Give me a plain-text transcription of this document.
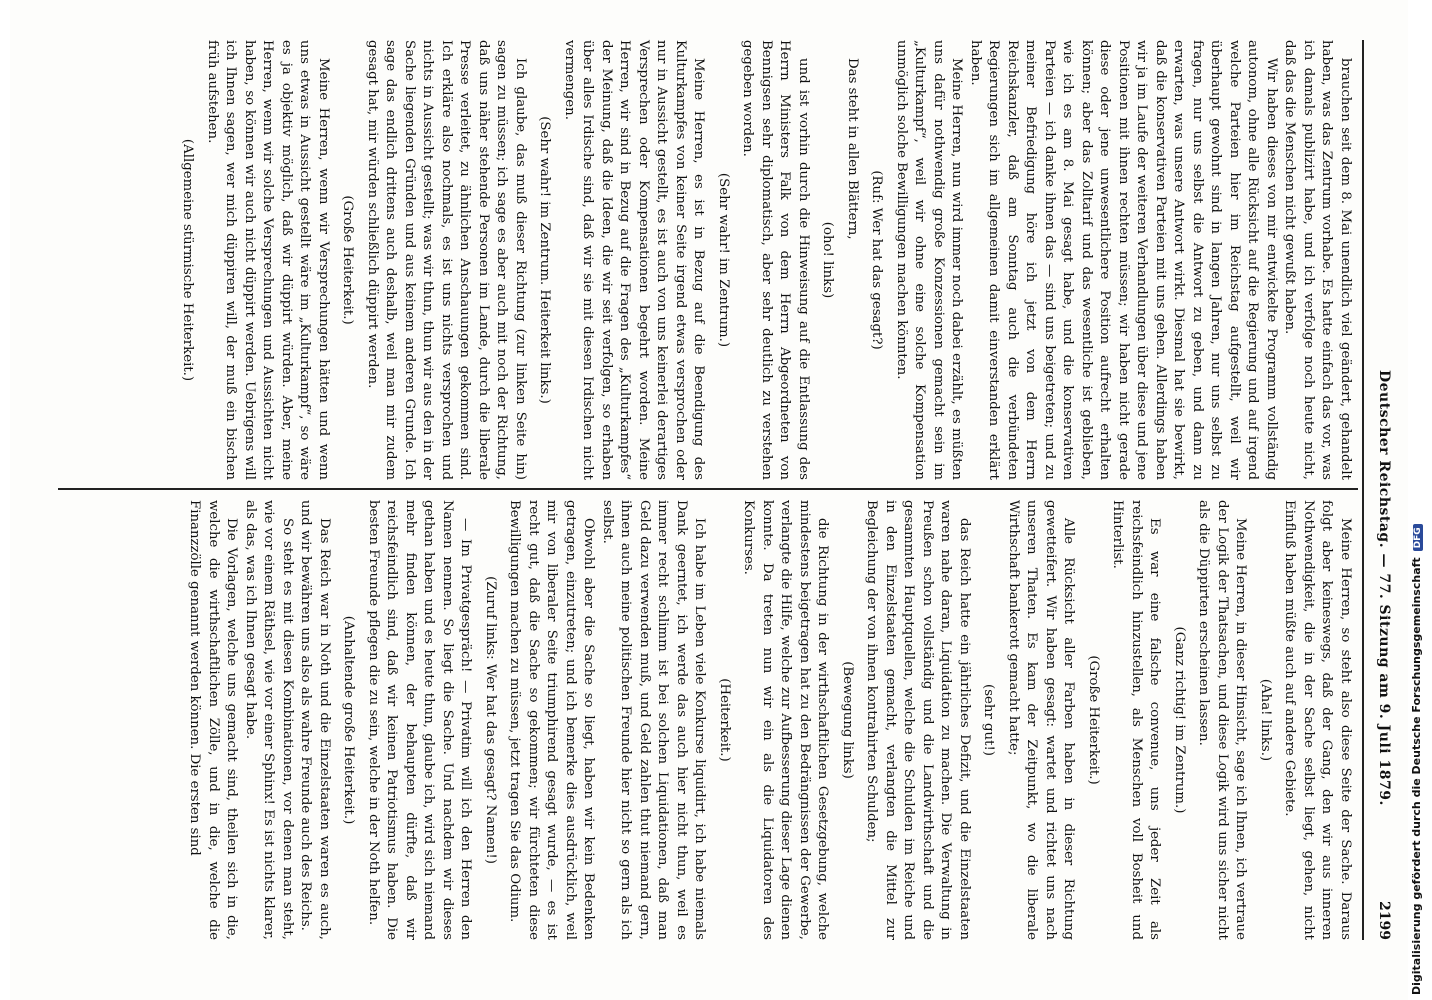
Deutscher Reichstag. — 77. Sitzung am 9. Juli 1879.
2199

brauchen seit dem 8. Mai unendlich viel geändert, gehandelt haben, was das Zentrum vorhabe. Es hatte einfach das vor, was ich damals publizirt habe, und ich verfolge noch heute nicht, daß das die Menschen nicht gewußt haben.

Wir haben dieses von mir entwickelte Programm vollständig autonom, ohne alle Rücksicht auf die Regierung und auf irgend welche Parteien hier im Reichstag aufgestellt, weil wir überhaupt gewohnt sind in langen Jahren, nur uns selbst zu fragen, nur uns selbst die Antwort zu geben, und dann zu erwarten, was unsere Antwort wirkt. Diesmal hat sie bewirkt, daß die konservativen Parteien mit uns gehen. Allerdings haben wir ja im Laufe der weiteren Verhandlungen über diese und jene Positionen mit ihnen rechten müssen; wir haben nicht gerade diese oder jene unwesentlichere Position aufrecht erhalten können; aber das Zolltarif und das wesentliche ist geblieben, wie ich es am 8. Mai gesagt habe, und die konservativen Parteien — ich danke ihnen das — sind uns beigetreten; und zu meiner Befriedigung höre ich jetzt von dem Herrn Reichskanzler, daß am Sonntag auch die verbündeten Regierungen sich im allgemeinen damit einverstanden erklärt haben.

Meine Herren, nun wird immer noch dabei erzählt, es müßten uns dafür nothwendig große Konzessionen gemacht sein im „Kulturkampf“, weil wir ohne eine solche Kompensation unmöglich solche Bewilligungen machen könnten.

(Ruf: Wer hat das gesagt?)

Das steht in allen Blättern,

(oho! links)

und ist vorhin durch die Hinweisung auf die Entlassung des Herrn Ministers Falk von dem Herrn Abgeordneten von Bennigsen sehr diplomatisch, aber sehr deutlich zu verstehen gegeben worden.

(Sehr wahr! im Zentrum.)

Meine Herren, es ist in Bezug auf die Beendigung des Kulturkampfes von keiner Seite irgend etwas versprochen oder nur in Aussicht gestellt, es ist auch von uns keinerlei derartiges Versprechen oder Kompensationen begehrt worden. Meine Herren, wir sind in Bezug auf die Fragen des „Kulturkampfes“ der Meinung, daß die Ideen, die wir seit verfolgen, so erhaben über alles Irdische sind, daß wir sie mit diesen Irdischen nicht vermengen.

(Sehr wahr! im Zentrum. Heiterkeit links.)

Ich glaube, das muß dieser Richtung (zur linken Seite hin) sagen zu müssen; ich sage es aber auch mit noch der Richtung, daß uns näher stehende Personen im Lande, durch die liberale Presse verleitet, zu ähnlichen Anschauungen gekommen sind. Ich erkläre also nochmals, es ist uns nichts versprochen und nichts in Aussicht gestellt; was wir thun, thun wir aus den in der Sache liegenden Gründen und aus keinem anderen Grunde. Ich sage das endlich drittens auch deshalb, weil man mir zudem gesagt hat, mir würden schließlich düppirt werden.

(Große Heiterkeit.)

Meine Herren, wenn wir Versprechungen hätten und wenn uns etwas in Aussicht gestellt wäre im „Kulturkampf“, so wäre es ja objektiv möglich, daß wir düppirt würden. Aber, meine Herren, wenn wir solche Versprechungen und Aussichten nicht haben, so können wir auch nicht düppirt werden. Uebrigens will ich Ihnen sagen, wer mich düppiren will, der muß ein bischen früh aufstehen.

(Allgemeine stürmische Heiterkeit.)

Meine Herren, so steht also diese Seite der Sache. Daraus folgt aber keineswegs, daß der Gang, den wir aus inneren Nothwendigkeit, die in der Sache selbst liegt, gehen, nicht Einfluß haben müßte auch auf andere Gebiete.

(Aha! links.)

Meine Herren, in dieser Hinsicht, sage ich Ihnen, ich vertraue der Logik der Thatsachen, und diese Logik wird uns sicher nicht als die Düppirten erscheinen lassen.

(Ganz richtig! im Zentrum.)

Es war eine falsche convenue, uns jeder Zeit als reichsfeindlich hinzustellen, als Menschen voll Bosheit und Hinterlist.

(Große Heiterkeit.)

Alle Rücksicht aller Farben haben in dieser Richtung gewetteifert. Wir haben gesagt: wartet und richtet uns nach unseren Thaten. Es kam der Zeitpunkt, wo die liberale Wirthschaft bankerott gemacht hatte;

(sehr gut!)

das Reich hatte ein jährliches Defizit, und die Einzelstaaten waren nahe daran, Liquidation zu machen. Die Verwaltung in Preußen schon vollständig und die Landwirthschaft und die gesammten Hauptquellen, welche die Schulden im Reiche und in den Einzelstaaten gemacht, verlangten die Mittel zur Begleichung der von ihnen kontrahirten Schulden;

(Bewegung links)

die Richtung in der wirthschaftlichen Gesetzgebung, welche mindestens beigetragen hat zu den Bedrängnissen der Gewerbe, verlangte die Hilfe, welche zur Aufbesserung dieser Lage dienen konnte. Da treten nun wir ein als die Liquidatoren des Konkurses.

(Heiterkeit.)

Ich habe im Leben viele Konkurse liquidirt, ich habe niemals Dank geerntet, ich werde das auch hier nicht thun, weil es immer recht schlimm ist bei solchen Liquidationen, daß man Geld dazu verwenden muß, und Geld zahlen thut niemand gern, ihnen auch meine politischen Freunde hier nicht so gern als ich selbst.

Obwohl aber die Sache so liegt, haben wir kein Bedenken getragen, einzutreten; und ich bemerke dies ausdrücklich, weil mir von liberaler Seite triumphirend gesagt wurde, — es ist recht gut, daß die Sache so gekommen; wir fürchteten diese Bewilligungen machen zu müssen, jetzt tragen Sie das Odium.

(Zuruf links: Wer hat das gesagt? Namen!)

— Im Privatgespräch! — Privatim will ich den Herren den Namen nennen. So liegt die Sache. Und nachdem wir dieses gethan haben und es heute thun, glaube ich, wird sich niemand mehr finden können, der behaupten dürfte, daß wir reichsfeindlich sind, daß wir keinen Patriotismus haben. Die besten Freunde pflegen die zu sein, welche in der Noth helfen.

(Anhaltende große Heiterkeit.)

Das Reich war in Noth und die Einzelstaaten waren es auch, und wir bewähren uns also als wahre Freunde auch des Reichs.

So steht es mit diesen Kombinationen, vor denen man steht, wie vor einem Räthsel, wie vor einer Sphinx! Es ist nichts klarer, als das, was ich Ihnen gesagt habe.

Die Vorlagen, welche uns gemacht sind, theilen sich in die, welche die wirthschaftlichen Zölle, und in die, welche die Finanzzölle genannt werden können. Die ersten sind	Digitalisierung gefördert durch die Deutsche ForschungsgemeinschaftDFG
